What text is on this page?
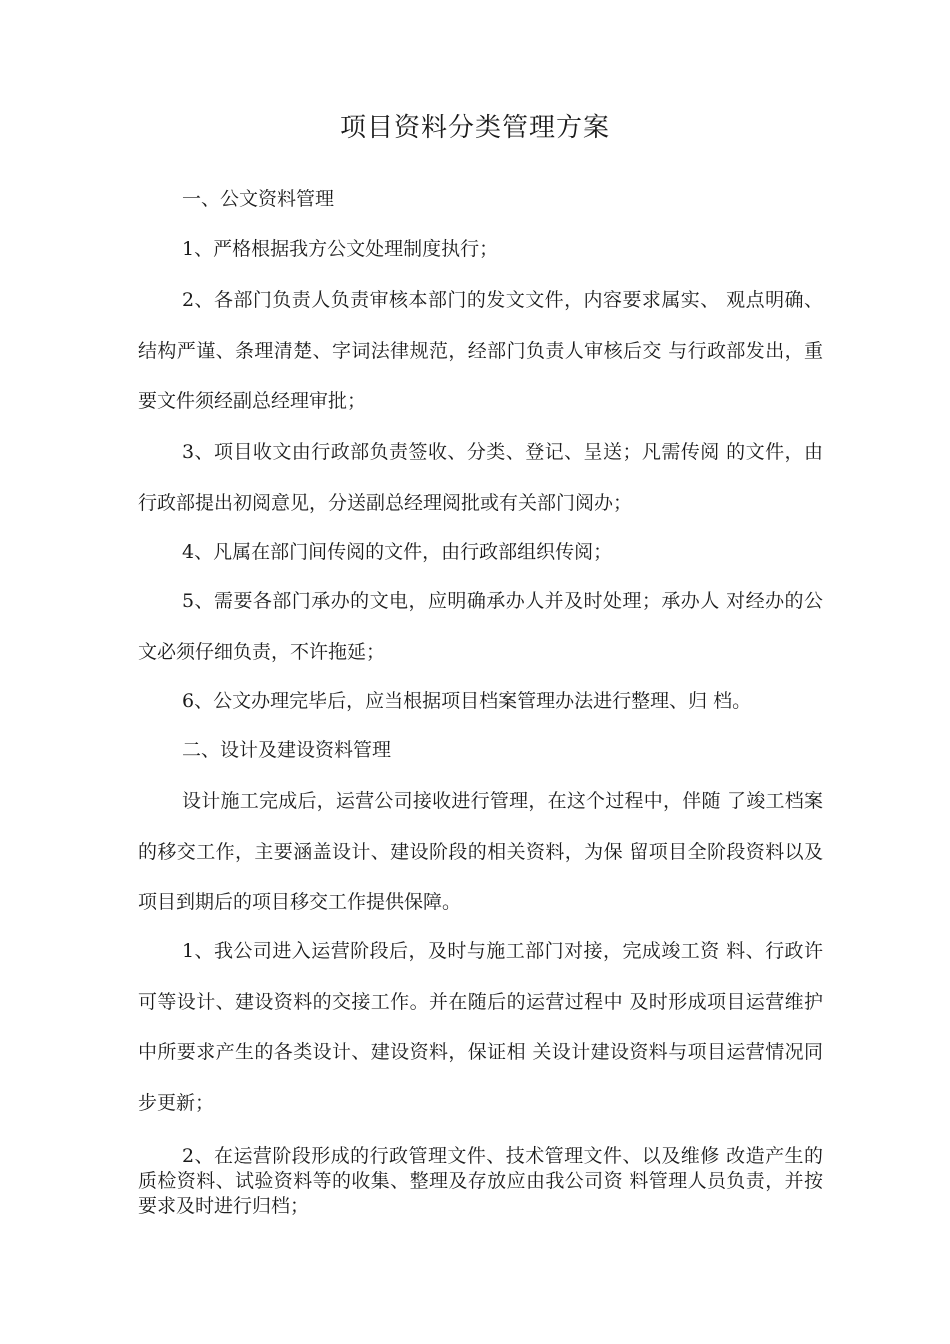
项目资料分类管理方案

一、公文资料管理

1、严格根据我方公文处理制度执行；

2、各部门负责人负责审核本部门的发文文件，内容要求属实、 观点明确、结构严谨、条理清楚、字词法律规范，经部门负责人审核后交 与行政部发出，重要文件须经副总经理审批；

3、项目收文由行政部负责签收、分类、登记、呈送；凡需传阅 的文件，由行政部提出初阅意见，分送副总经理阅批或有关部门阅办；

4、凡属在部门间传阅的文件，由行政部组织传阅；

5、需要各部门承办的文电，应明确承办人并及时处理；承办人 对经办的公文必须仔细负责，不许拖延；

6、公文办理完毕后，应当根据项目档案管理办法进行整理、归 档。

二、设计及建设资料管理

设计施工完成后，运营公司接收进行管理，在这个过程中，伴随 了竣工档案的移交工作，主要涵盖设计、建设阶段的相关资料，为保 留项目全阶段资料以及项目到期后的项目移交工作提供保障。

1、我公司进入运营阶段后，及时与施工部门对接，完成竣工资 料、行政许可等设计、建设资料的交接工作。并在随后的运营过程中 及时形成项目运营维护中所要求产生的各类设计、建设资料，保证相 关设计建设资料与项目运营情况同步更新；

2、在运营阶段形成的行政管理文件、技术管理文件、以及维修 改造产生的质检资料、试验资料等的收集、整理及存放应由我公司资 料管理人员负责，并按要求及时进行归档；
